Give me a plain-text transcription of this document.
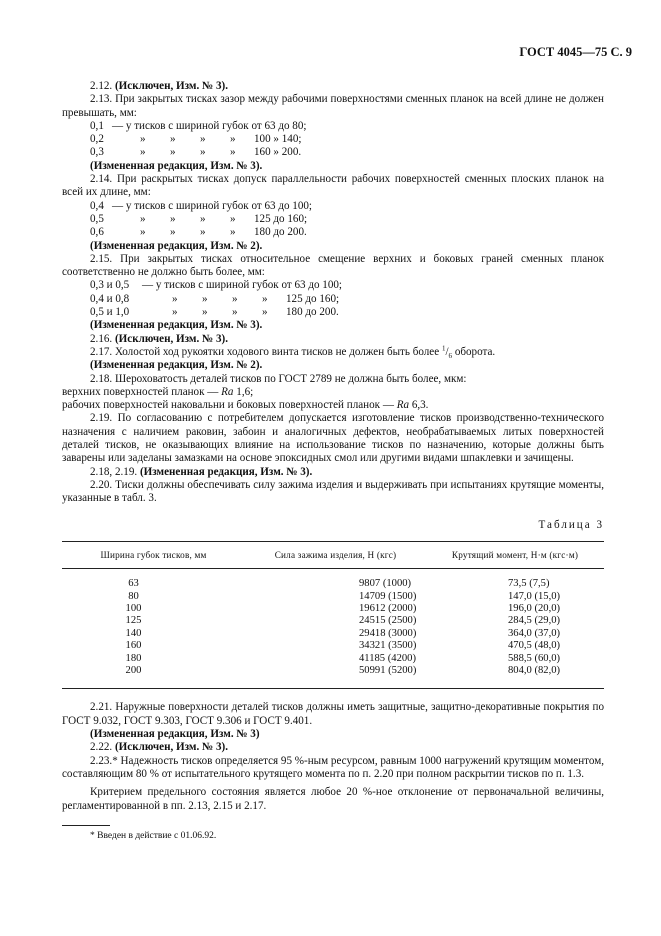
ГОСТ 4045—75 С. 9

2.12. (Исключен, Изм. № 3).

2.13. При закрытых тисках зазор между рабочими поверхностями сменных планок на всей длине не должен превышать, мм:

0,1 — у тисков с шириной губок от 63 до 80;
0,2	»	»	»	»	100 » 140;
0,3	»	»	»	»	160 » 200.

(Измененная редакция, Изм. № 3).

2.14. При раскрытых тисках допуск параллельности рабочих поверхностей сменных плоских планок на всей их длине, мм:

0,4 — у тисков с шириной губок от 63 до 100;
0,5	»	»	»	»	125 до 160;
0,6	»	»	»	»	180 до 200.

(Измененная редакция, Изм. № 2).

2.15. При закрытых тисках относительное смещение верхних и боковых граней сменных планок соответственно не должно быть более, мм:

0,3 и 0,5	— у тисков с шириной губок от 63 до 100;
0,4 и 0,8	»	»	»	»	125 до 160;
0,5 и 1,0	»	»	»	»	180 до 200.

(Измененная редакция, Изм. № 3).

2.16. (Исключен, Изм. № 3).

2.17. Холостой ход рукоятки ходового винта тисков не должен быть более $^1/_6$ оборота.

(Измененная редакция, Изм. № 2).

2.18. Шероховатость деталей тисков по ГОСТ 2789 не должна быть более, мкм:

верхних поверхностей планок — Ra 1,6;

рабочих поверхностей наковальни и боковых поверхностей планок — Ra 6,3.

2.19. По согласованию с потребителем допускается изготовление тисков производственно-технического назначения с наличием раковин, забоин и аналогичных дефектов, необрабатываемых литых поверхностей деталей тисков, не оказывающих влияние на использование тисков по назначению, которые должны быть заварены или заделаны замазками на основе эпоксидных смол или другими видами шпаклевки и зачищены.

2.18, 2.19. (Измененная редакция, Изм. № 3).

2.20. Тиски должны обеспечивать силу зажима изделия и выдерживать при испытаниях крутящие моменты, указанные в табл. 3.

Таблица 3
Ширина губок тисков, мм	Сила зажима изделия, Н (кгс)	Крутящий момент, Н·м (кгс·м)
63	9807 (1000)	73,5 (7,5)
80	14709 (1500)	147,0 (15,0)
100	19612 (2000)	196,0 (20,0)
125	24515 (2500)	284,5 (29,0)
140	29418 (3000)	364,0 (37,0)
160	34321 (3500)	470,5 (48,0)
180	41185 (4200)	588,5 (60,0)
200	50991 (5200)	804,0 (82,0)

2.21. Наружные поверхности деталей тисков должны иметь защитные, защитно-декоративные покрытия по ГОСТ 9.032, ГОСТ 9.303, ГОСТ 9.306 и ГОСТ 9.401.

(Измененная редакция, Изм. № 3)

2.22. (Исключен, Изм. № 3).

2.23.* Надежность тисков определяется 95 %-ным ресурсом, равным 1000 нагружений крутящим моментом, составляющим 80 % от испытательного крутящего момента по п. 2.20 при полном раскрытии тисков по п. 1.3.

Критерием предельного состояния является любое 20 %-ное отклонение от первоначальной величины, регламентированной в пп. 2.13, 2.15 и 2.17.

* Введен в действие с 01.06.92.
